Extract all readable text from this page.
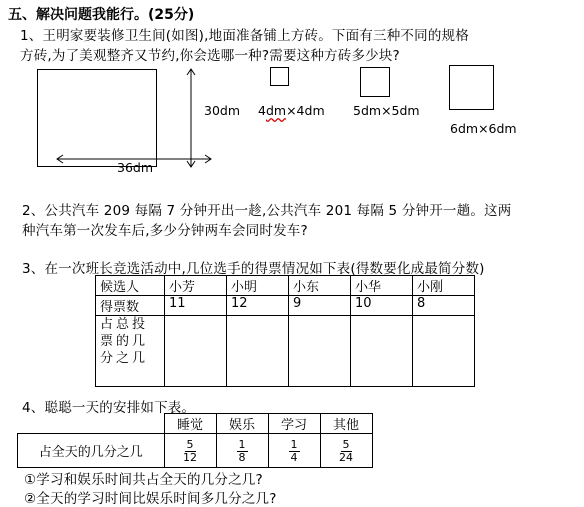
五、解决问题我能行。(25分)
1、王明家要装修卫生间(如图),地面准备铺上方砖。下面有三种不同的规格
方砖,为了美观整齐又节约,你会选哪一种?需要这种方砖多少块?
30dm
36dm
4dm×4dm 5dm×5dm
6dm×6dm
2、公共汽车 209 每隔 7 分钟开出一趁,公共汽车 201 每隔 5 分钟开一趟。这两
种汽车第一次发车后,多少分钟两车会同时发车?
3、在一次班长竞选活动中,几位选手的得票情况如下表(得数要化成最简分数)
候选人	小芳	小明	小东	小华	小刚
得票数	11	12	9	10	8
占总投票的几分之几					
4、聪聪一天的安排如下表。
	睡觉	娱乐	学习	其他
占全天的几分之几	$\frac{5}{12}$	$\frac{1}{8}$	$\frac{1}{4}$	$\frac{5}{24}$
①学习和娱乐时间共占全天的几分之几?
②全天的学习时间比娱乐时间多几分之几?
